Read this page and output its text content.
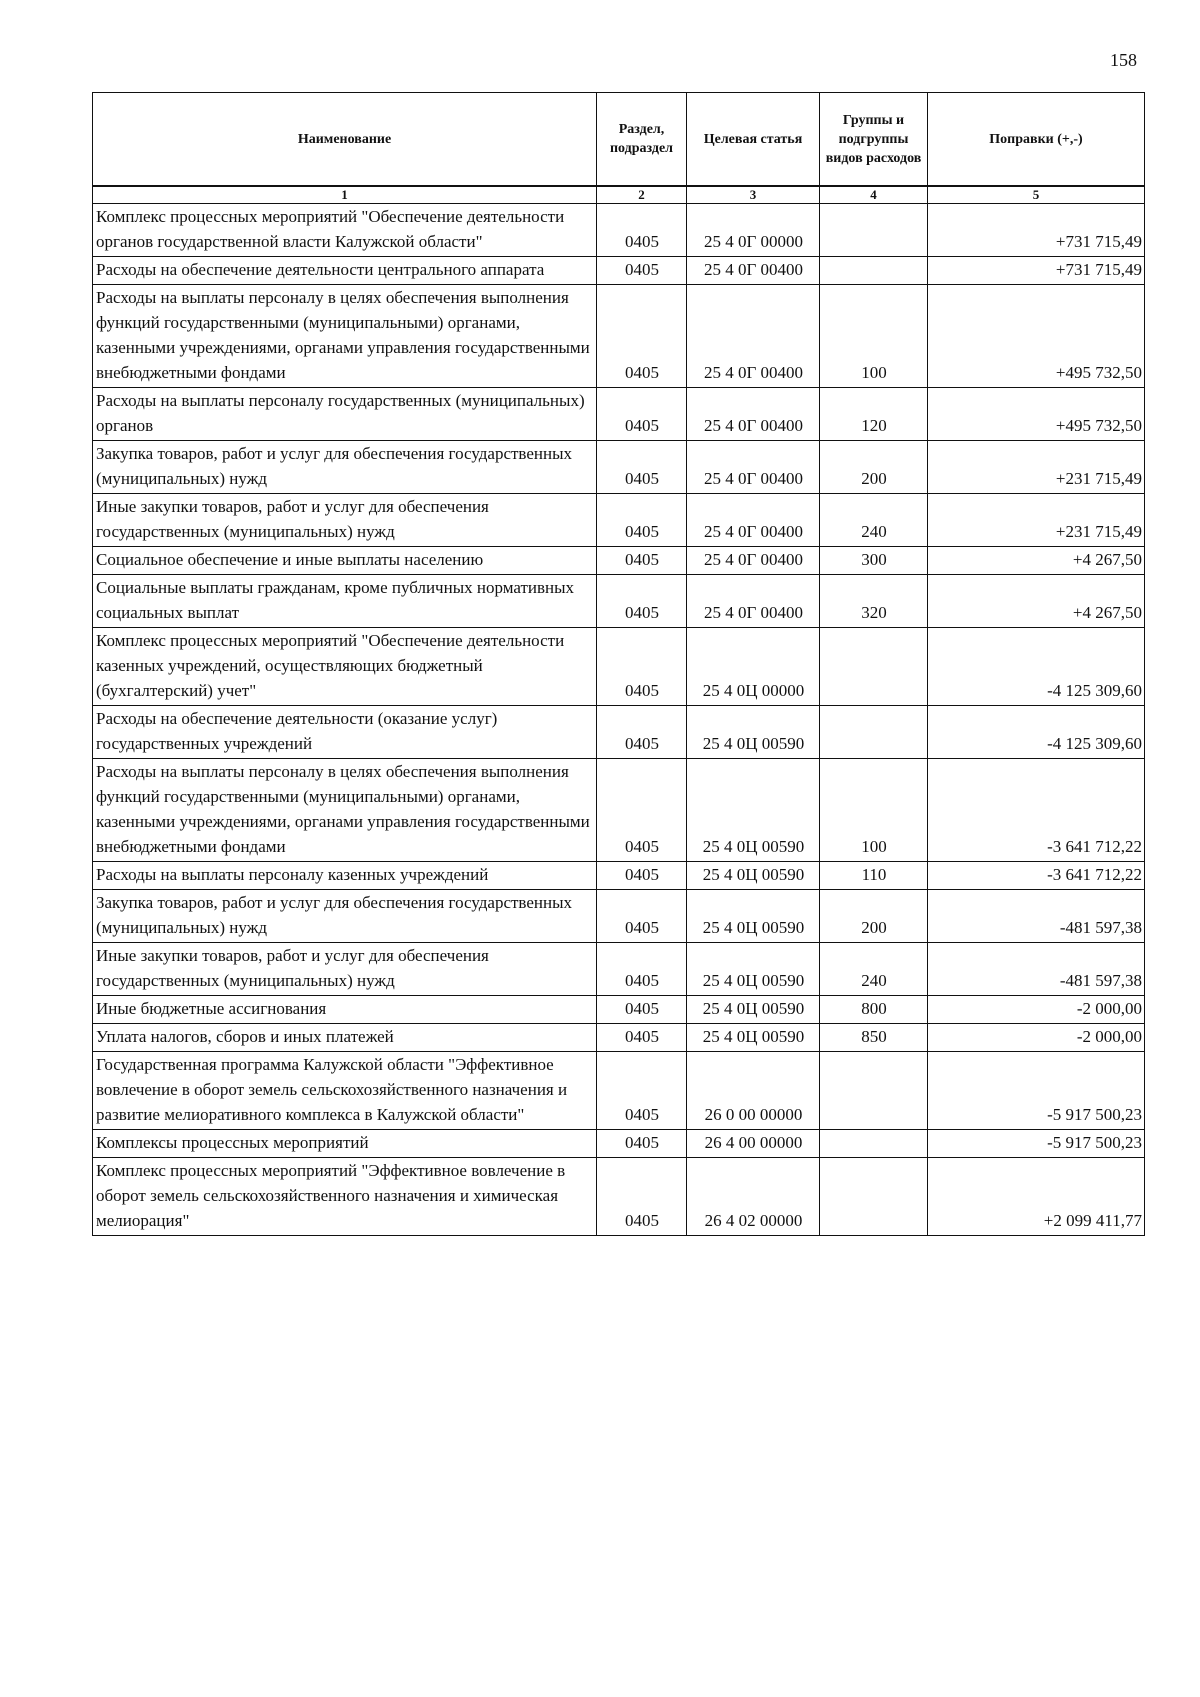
158
Наименование	Раздел, подраздел	Целевая статья	Группы и подгруппы видов расходов	Поправки (+,-)
1	2	3	4	5
Комплекс процессных мероприятий "Обеспечение деятельности органов государственной власти Калужской области"	0405	25 4 0Г 00000		+731 715,49
Расходы на обеспечение деятельности центрального аппарата	0405	25 4 0Г 00400		+731 715,49
Расходы на выплаты персоналу в целях обеспечения выполнения функций государственными (муниципальными) органами, казенными учреждениями, органами управления государственными внебюджетными фондами	0405	25 4 0Г 00400	100	+495 732,50
Расходы на выплаты персоналу государственных (муниципальных) органов	0405	25 4 0Г 00400	120	+495 732,50
Закупка товаров, работ и услуг для обеспечения государственных (муниципальных) нужд	0405	25 4 0Г 00400	200	+231 715,49
Иные закупки товаров, работ и услуг для обеспечения государственных (муниципальных) нужд	0405	25 4 0Г 00400	240	+231 715,49
Социальное обеспечение и иные выплаты населению	0405	25 4 0Г 00400	300	+4 267,50
Социальные выплаты гражданам, кроме публичных нормативных социальных выплат	0405	25 4 0Г 00400	320	+4 267,50
Комплекс процессных мероприятий "Обеспечение деятельности казенных учреждений, осуществляющих бюджетный (бухгалтерский) учет"	0405	25 4 0Ц 00000		-4 125 309,60
Расходы на обеспечение деятельности (оказание услуг) государственных учреждений	0405	25 4 0Ц 00590		-4 125 309,60
Расходы на выплаты персоналу в целях обеспечения выполнения функций государственными (муниципальными) органами, казенными учреждениями, органами управления государственными внебюджетными фондами	0405	25 4 0Ц 00590	100	-3 641 712,22
Расходы на выплаты персоналу казенных учреждений	0405	25 4 0Ц 00590	110	-3 641 712,22
Закупка товаров, работ и услуг для обеспечения государственных (муниципальных) нужд	0405	25 4 0Ц 00590	200	-481 597,38
Иные закупки товаров, работ и услуг для обеспечения государственных (муниципальных) нужд	0405	25 4 0Ц 00590	240	-481 597,38
Иные бюджетные ассигнования	0405	25 4 0Ц 00590	800	-2 000,00
Уплата налогов, сборов и иных платежей	0405	25 4 0Ц 00590	850	-2 000,00
Государственная программа Калужской области "Эффективное вовлечение в оборот земель сельскохозяйственного назначения и развитие мелиоративного комплекса в Калужской области"	0405	26 0 00 00000		-5 917 500,23
Комплексы процессных мероприятий	0405	26 4 00 00000		-5 917 500,23
Комплекс процессных мероприятий "Эффективное вовлечение в оборот земель сельскохозяйственного назначения и химическая мелиорация"	0405	26 4 02 00000		+2 099 411,77
